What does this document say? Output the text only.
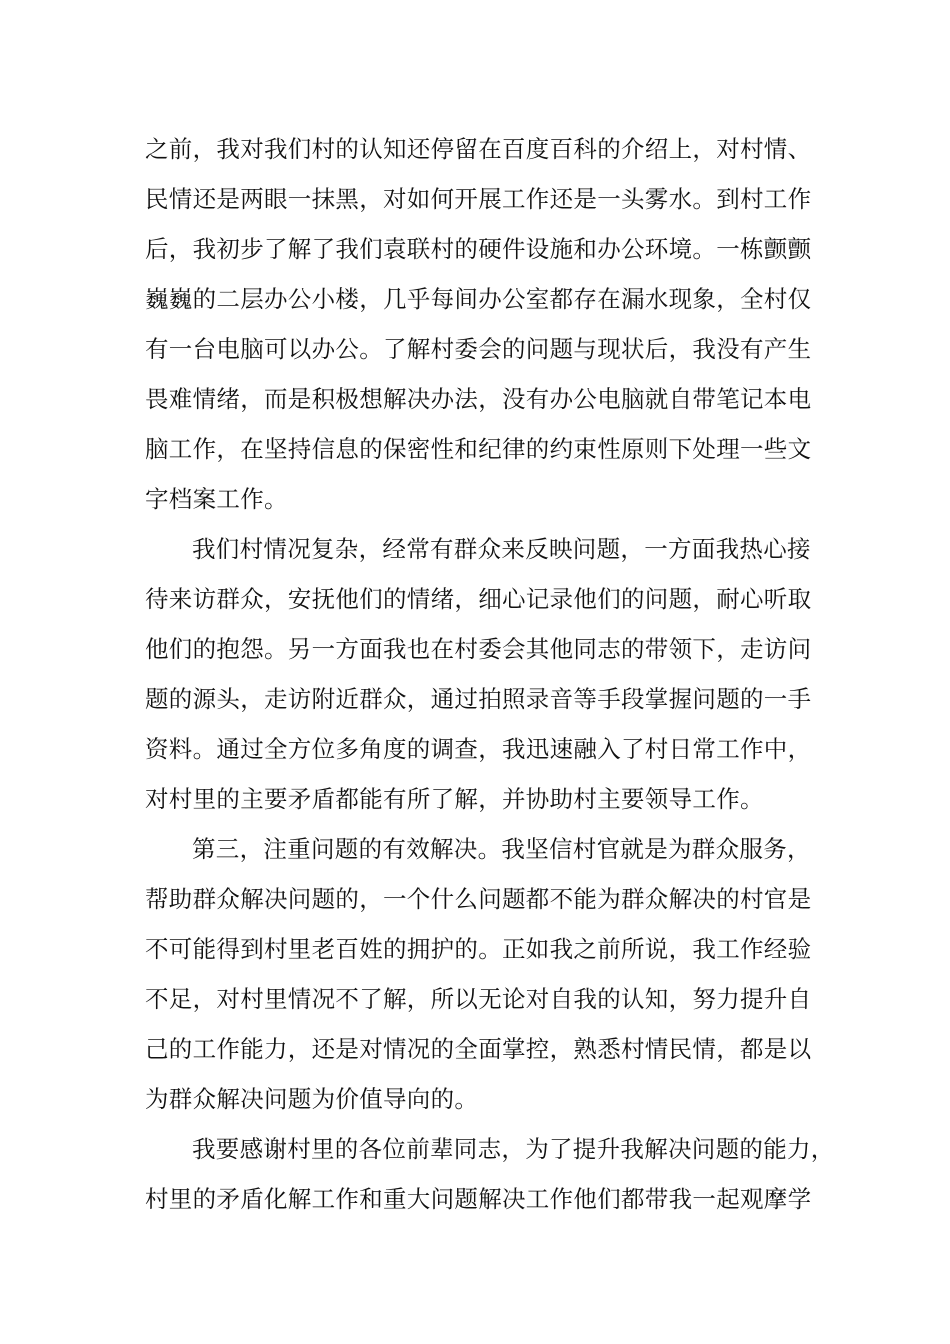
之前，我对我们村的认知还停留在百度百科的介绍上，对村情、
民情还是两眼一抹黑，对如何开展工作还是一头雾水。到村工作
后，我初步了解了我们袁联村的硬件设施和办公环境。一栋颤颤
巍巍的二层办公小楼，几乎每间办公室都存在漏水现象，全村仅
有一台电脑可以办公。了解村委会的问题与现状后，我没有产生
畏难情绪，而是积极想解决办法，没有办公电脑就自带笔记本电
脑工作，在坚持信息的保密性和纪律的约束性原则下处理一些文
字档案工作。
我们村情况复杂，经常有群众来反映问题，一方面我热心接
待来访群众，安抚他们的情绪，细心记录他们的问题，耐心听取
他们的抱怨。另一方面我也在村委会其他同志的带领下，走访问
题的源头，走访附近群众，通过拍照录音等手段掌握问题的一手
资料。通过全方位多角度的调查，我迅速融入了村日常工作中，
对村里的主要矛盾都能有所了解，并协助村主要领导工作。
第三，注重问题的有效解决。我坚信村官就是为群众服务，
帮助群众解决问题的，一个什么问题都不能为群众解决的村官是
不可能得到村里老百姓的拥护的。正如我之前所说，我工作经验
不足，对村里情况不了解，所以无论对自我的认知，努力提升自
己的工作能力，还是对情况的全面掌控，熟悉村情民情，都是以
为群众解决问题为价值导向的。
我要感谢村里的各位前辈同志，为了提升我解决问题的能力，
村里的矛盾化解工作和重大问题解决工作他们都带我一起观摩学
